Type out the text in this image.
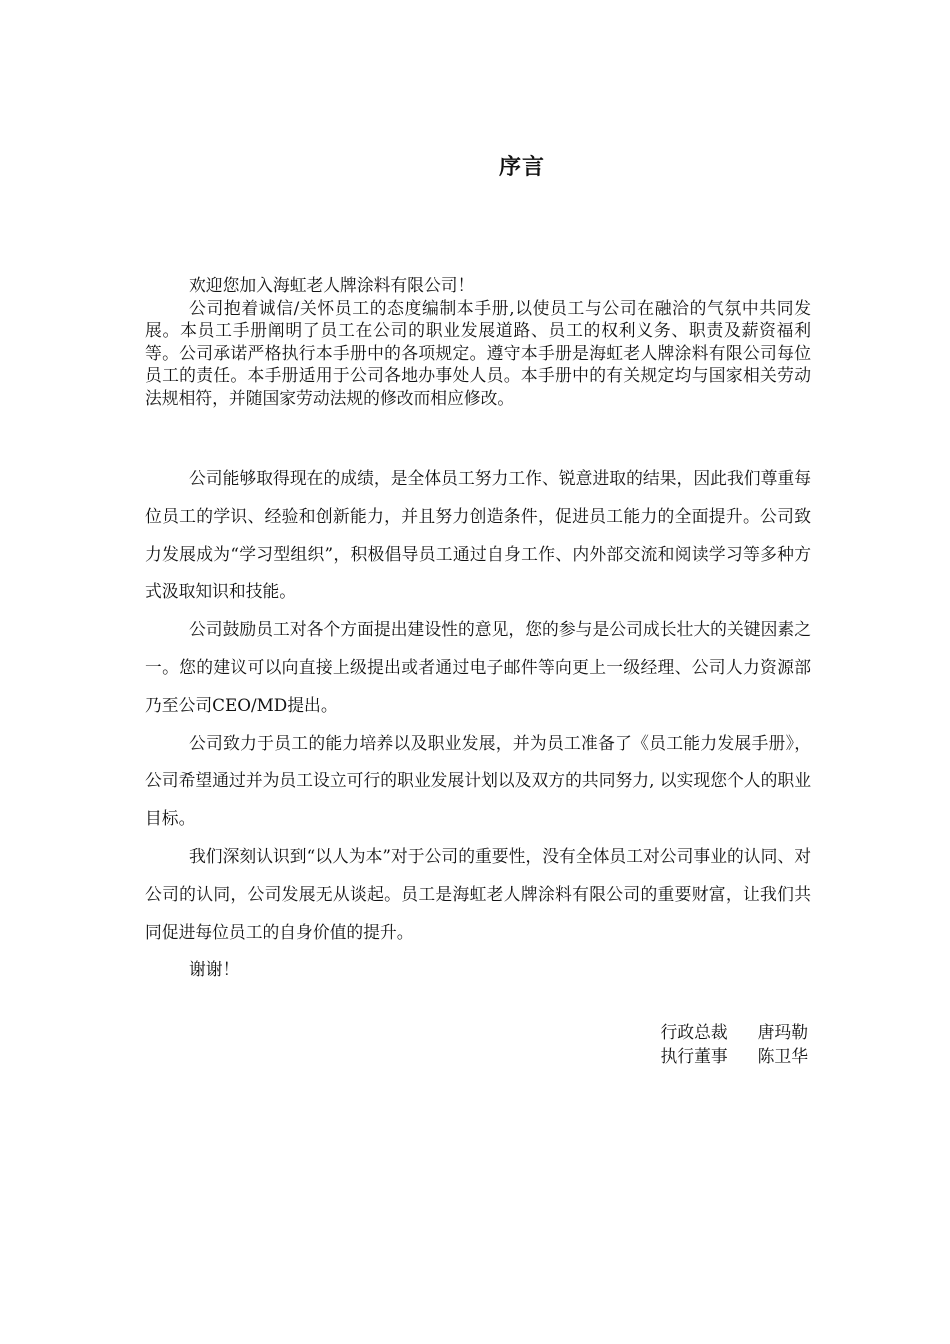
序言

欢迎您加入海虹老人牌涂料有限公司！

公司抱着诚信/关怀员工的态度编制本手册,以使员工与公司在融洽的气氛中共同发展。本员工手册阐明了员工在公司的职业发展道路、员工的权利义务、职责及薪资福利等。公司承诺严格执行本手册中的各项规定。遵守本手册是海虹老人牌涂料有限公司每位员工的责任。本手册适用于公司各地办事处人员。本手册中的有关规定均与国家相关劳动法规相符，并随国家劳动法规的修改而相应修改。

公司能够取得现在的成绩，是全体员工努力工作、锐意进取的结果，因此我们尊重每位员工的学识、经验和创新能力，并且努力创造条件，促进员工能力的全面提升。公司致力发展成为“学习型组织”，积极倡导员工通过自身工作、内外部交流和阅读学习等多种方式汲取知识和技能。

公司鼓励员工对各个方面提出建设性的意见，您的参与是公司成长壮大的关键因素之一。您的建议可以向直接上级提出或者通过电子邮件等向更上一级经理、公司人力资源部乃至公司CEO/MD提出。

公司致力于员工的能力培养以及职业发展，并为员工准备了《员工能力发展手册》，公司希望通过并为员工设立可行的职业发展计划以及双方的共同努力, 以实现您个人的职业目标。

我们深刻认识到“以人为本”对于公司的重要性，没有全体员工对公司事业的认同、对公司的认同，公司发展无从谈起。员工是海虹老人牌涂料有限公司的重要财富，让我们共同促进每位员工的自身价值的提升。

谢谢！

行政总裁 唐玛勒
执行董事 陈卫华
